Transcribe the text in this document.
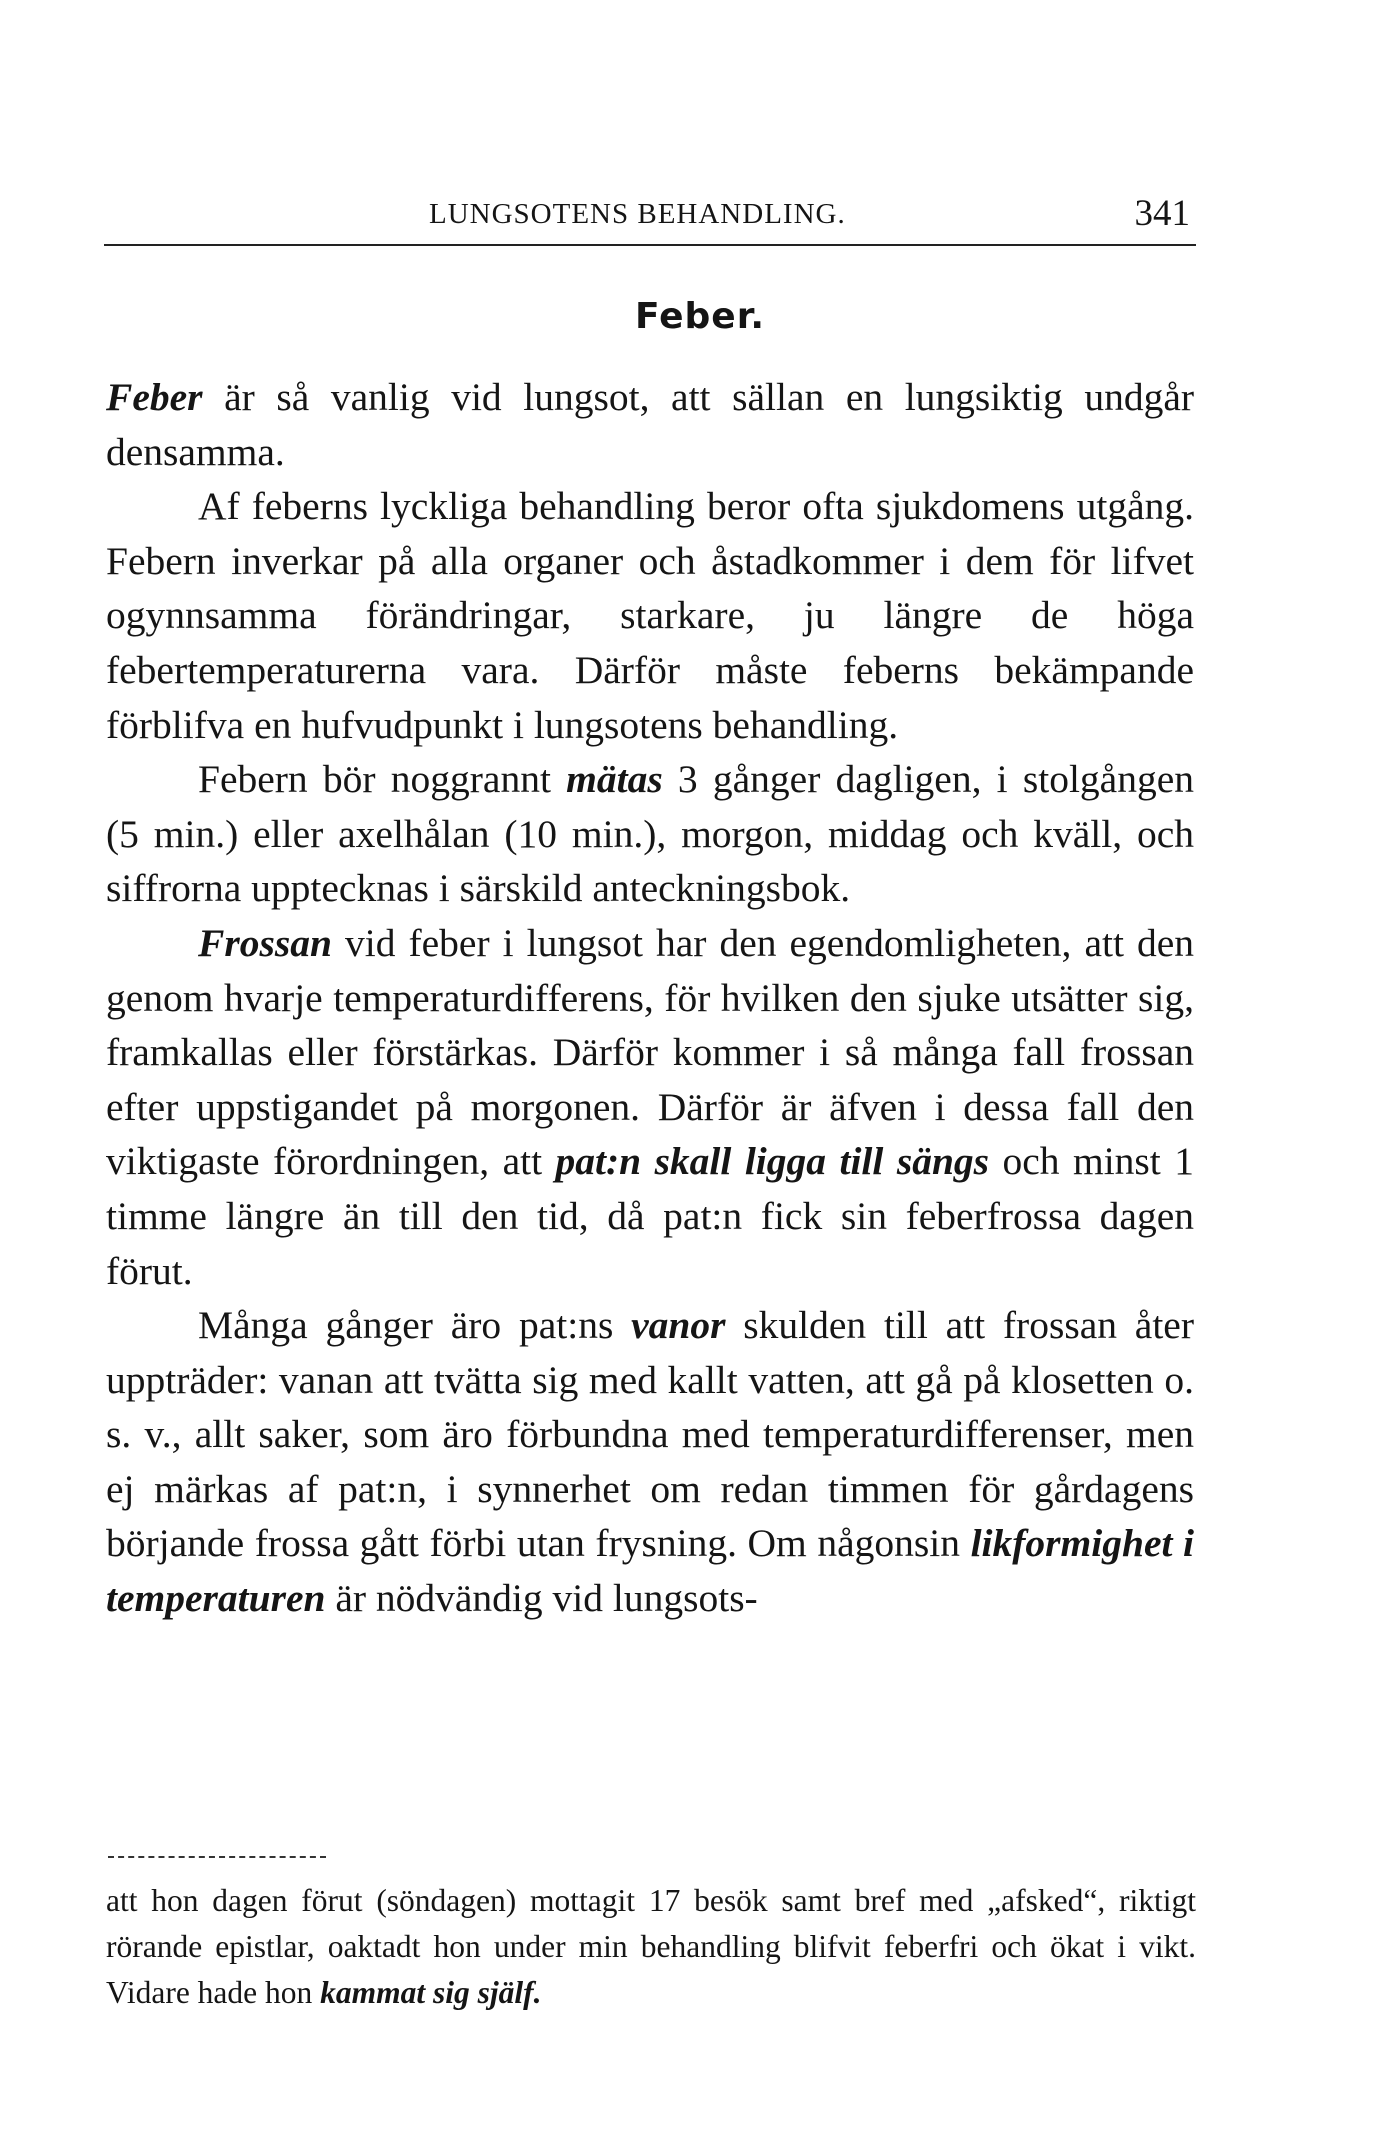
LUNGSOTENS BEHANDLING.	341
Feber.

Feber är så vanlig vid lungsot, att sällan en lungsiktig undgår densamma.

Af feberns lyckliga behandling beror ofta sjukdomens utgång. Febern inverkar på alla organer och åstadkommer i dem för lifvet ogynnsamma förändringar, starkare, ju längre de höga febertemperaturerna vara. Därför måste feberns bekämpande förblifva en hufvudpunkt i lungsotens behandling.

Febern bör noggrannt mätas 3 gånger dagligen, i stolgången (5 min.) eller axelhålan (10 min.), morgon, middag och kväll, och siffrorna upptecknas i särskild anteckningsbok.

Frossan vid feber i lungsot har den egendomligheten, att den genom hvarje temperaturdifferens, för hvilken den sjuke utsätter sig, framkallas eller förstärkas. Därför kommer i så många fall frossan efter uppstigandet på morgonen. Därför är äfven i dessa fall den viktigaste förordningen, att pat:n skall ligga till sängs och minst 1 timme längre än till den tid, då pat:n fick sin feberfrossa dagen förut.

Många gånger äro pat:ns vanor skulden till att frossan åter uppträder: vanan att tvätta sig med kallt vatten, att gå på klosetten o. s. v., allt saker, som äro förbundna med temperaturdifferenser, men ej märkas af pat:n, i synnerhet om redan timmen för gårdagens börjande frossa gått förbi utan frysning. Om någonsin likformighet i temperaturen är nödvändig vid lungsots-

att hon dagen förut (söndagen) mottagit 17 besök samt bref med „afsked“, riktigt rörande epistlar, oaktadt hon under min behandling blifvit feberfri och ökat i vikt. Vidare hade hon kammat sig själf.
